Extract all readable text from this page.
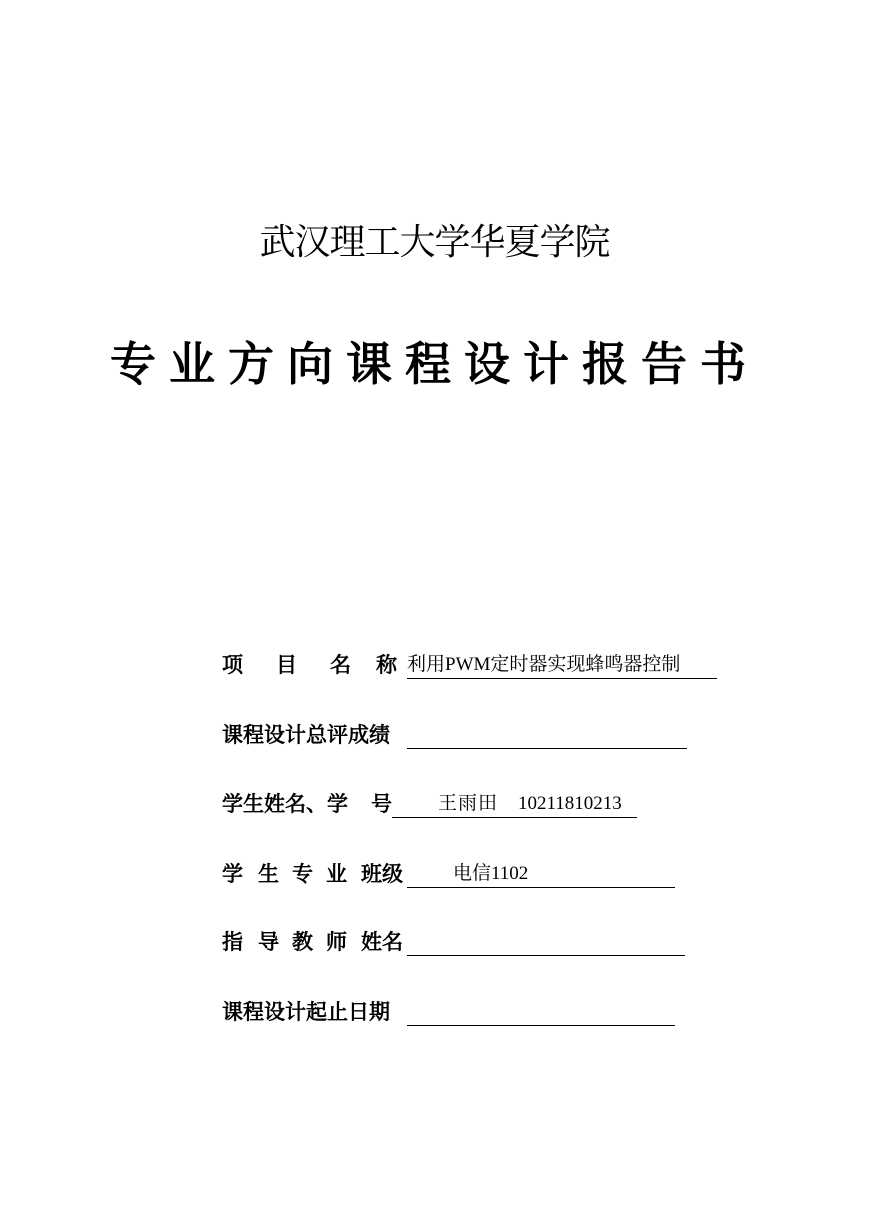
武汉理工大学华夏学院
专业方向课程设计报告书
项	目	名	称 利用PWM定时器实现蜂鸣器控制
课程设计总评成绩
学 生 姓 名 、 学	号	王雨田 10211810213
学 生 专 业 班级	电信1102
指 导 教 师 姓名
课程设计起止日期
